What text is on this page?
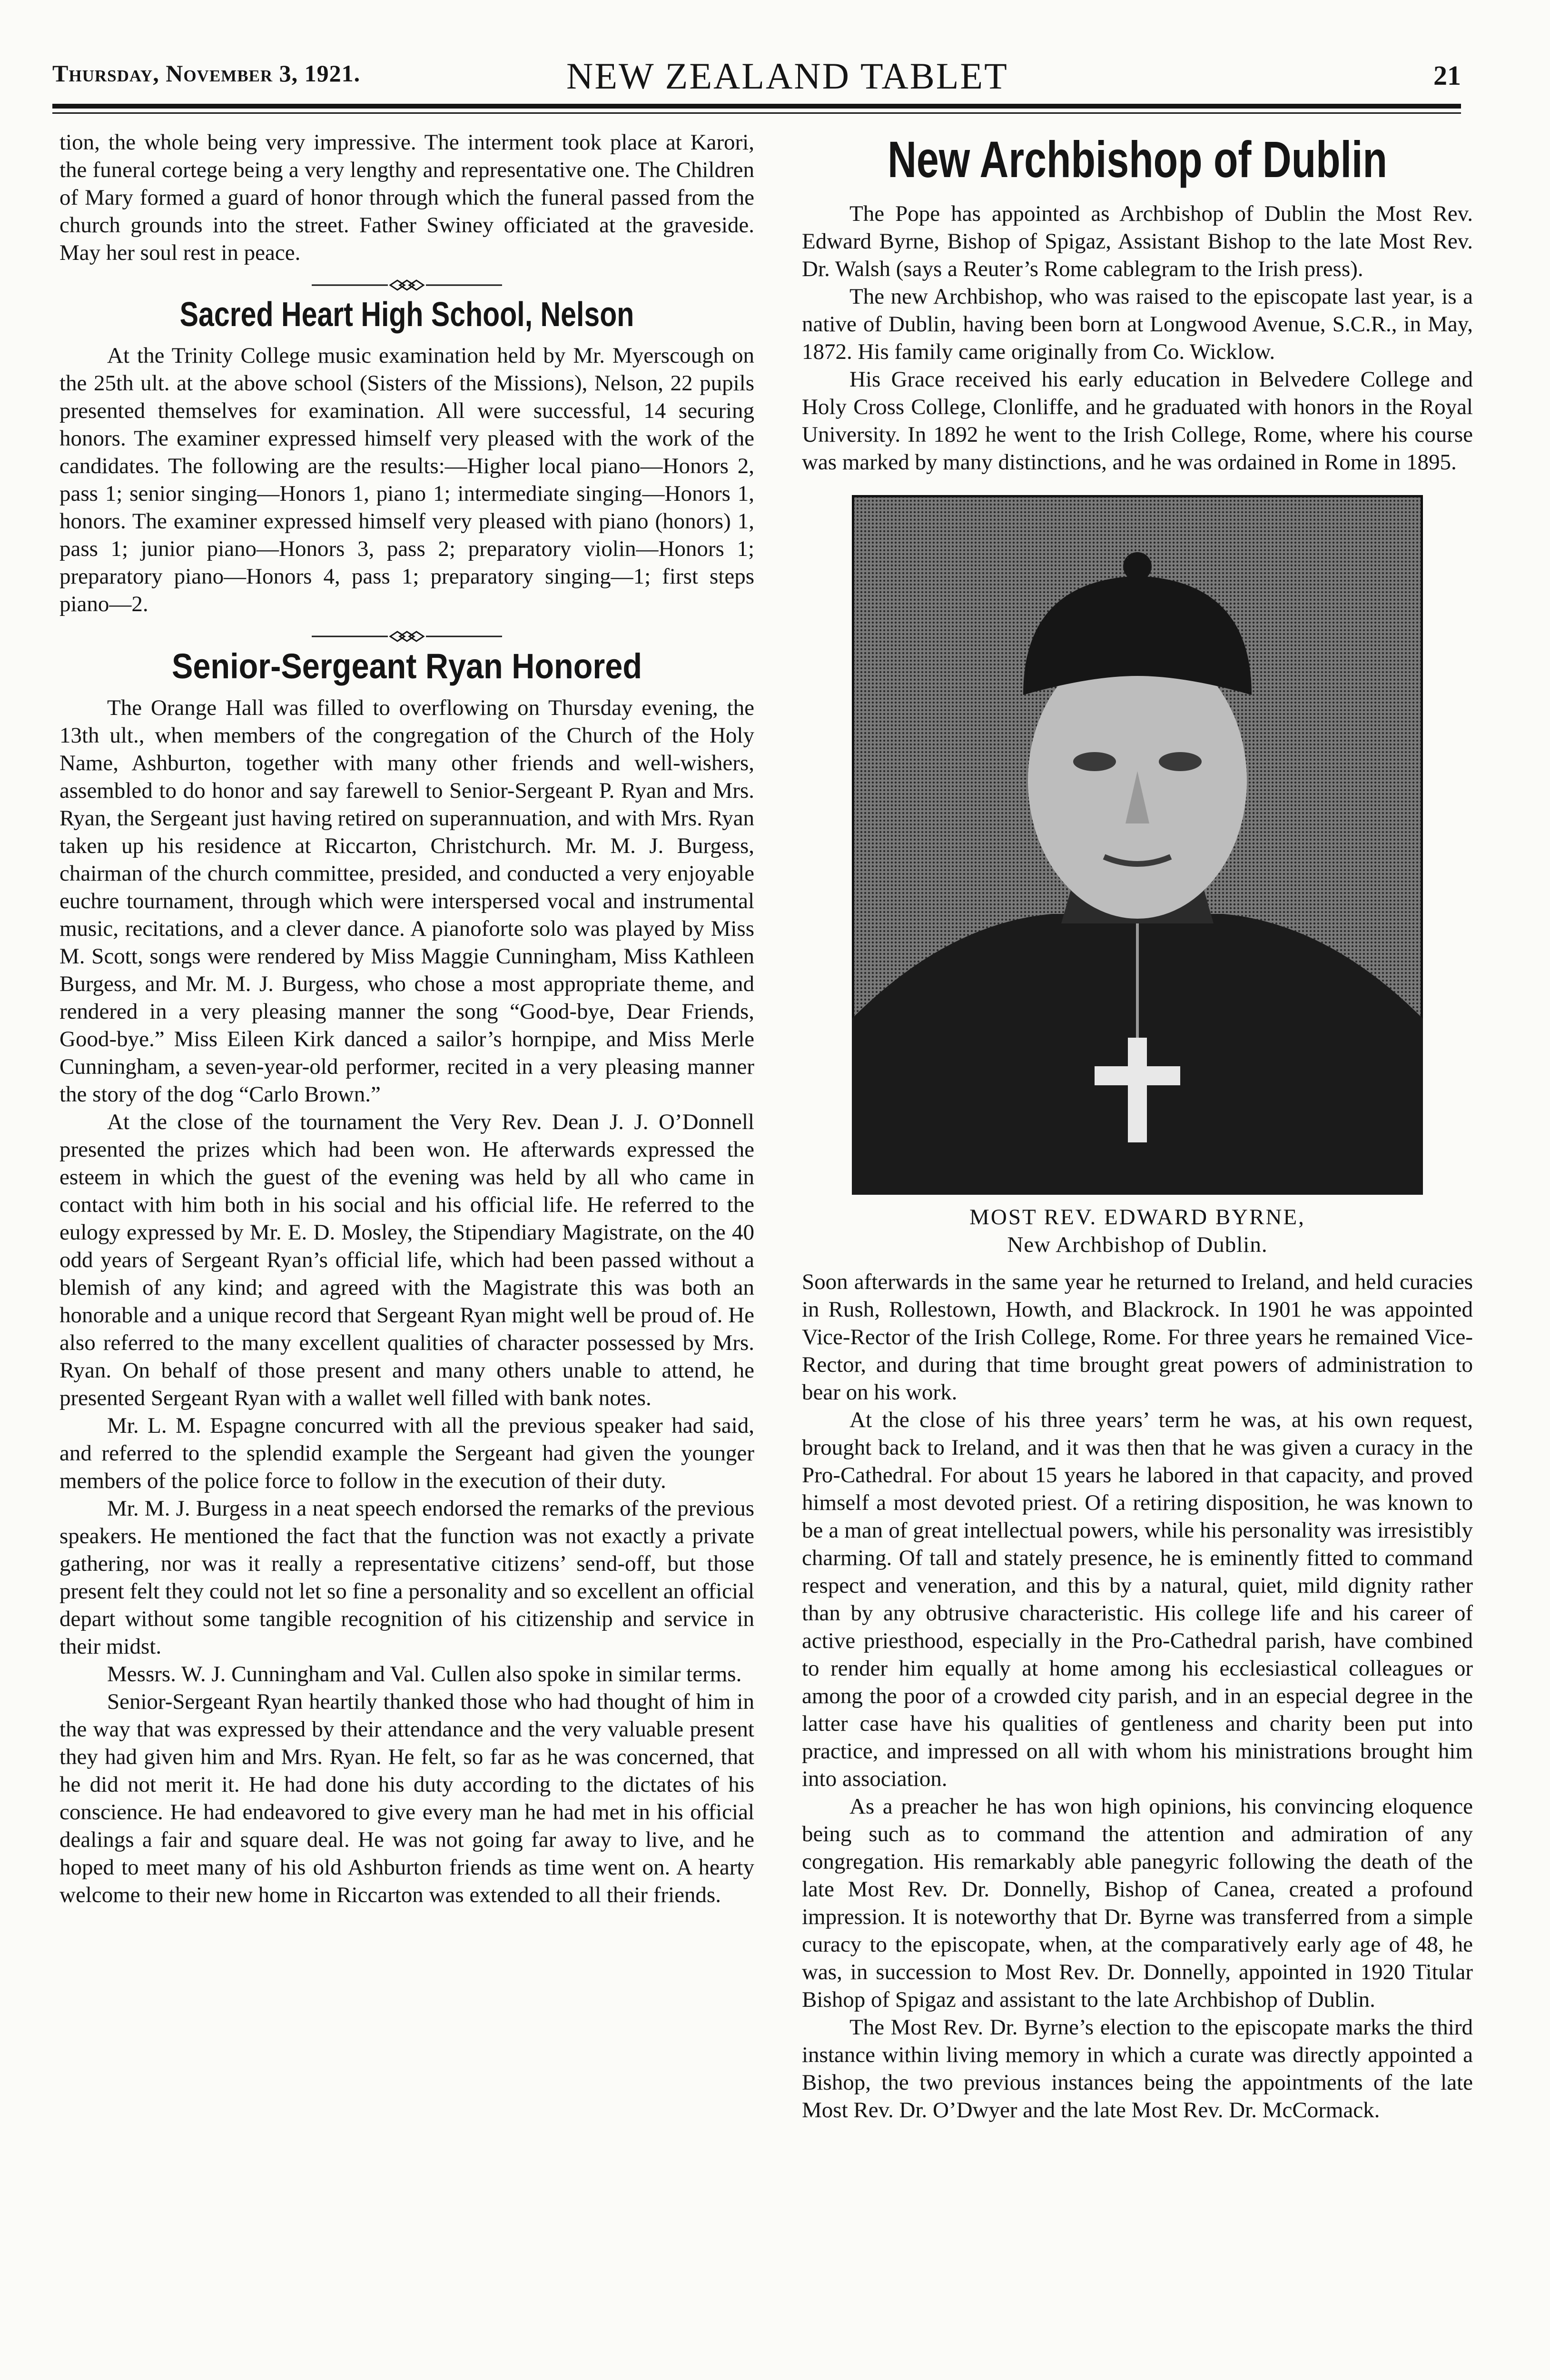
Thursday, November 3, 1921.	NEW ZEALAND TABLET	21

tion, the whole being very impressive. The interment took place at Karori, the funeral cortege being a very lengthy and representative one. The Children of Mary formed a guard of honor through which the funeral passed from the church grounds into the street. Father Swiney officiated at the graveside. May her soul rest in peace.

Sacred Heart High School, Nelson

At the Trinity College music examination held by Mr. Myerscough on the 25th ult. at the above school (Sisters of the Missions), Nelson, 22 pupils presented themselves for examination. All were successful, 14 securing honors. The examiner expressed himself very pleased with the work of the candidates. The following are the results:—Higher local piano—Honors 2, pass 1; senior singing—Honors 1, piano 1; intermediate singing—Honors 1, honors. The examiner expressed himself very pleased with piano (honors) 1, pass 1; junior piano—Honors 3, pass 2; preparatory violin—Honors 1; preparatory piano—Honors 4, pass 1; preparatory singing—1; first steps piano—2.

Senior-Sergeant Ryan Honored

The Orange Hall was filled to overflowing on Thursday evening, the 13th ult., when members of the congregation of the Church of the Holy Name, Ashburton, together with many other friends and well-wishers, assembled to do honor and say farewell to Senior-Sergeant P. Ryan and Mrs. Ryan, the Sergeant just having retired on superannuation, and with Mrs. Ryan taken up his residence at Riccarton, Christchurch. Mr. M. J. Burgess, chairman of the church committee, presided, and conducted a very enjoyable euchre tournament, through which were interspersed vocal and instrumental music, recitations, and a clever dance. A pianoforte solo was played by Miss M. Scott, songs were rendered by Miss Maggie Cunningham, Miss Kathleen Burgess, and Mr. M. J. Burgess, who chose a most appropriate theme, and rendered in a very pleasing manner the song “Good-bye, Dear Friends, Good-bye.” Miss Eileen Kirk danced a sailor’s hornpipe, and Miss Merle Cunningham, a seven-year-old performer, recited in a very pleasing manner the story of the dog “Carlo Brown.”

At the close of the tournament the Very Rev. Dean J. J. O’Donnell presented the prizes which had been won. He afterwards expressed the esteem in which the guest of the evening was held by all who came in contact with him both in his social and his official life. He referred to the eulogy expressed by Mr. E. D. Mosley, the Stipendiary Magistrate, on the 40 odd years of Sergeant Ryan’s official life, which had been passed without a blemish of any kind; and agreed with the Magistrate this was both an honorable and a unique record that Sergeant Ryan might well be proud of. He also referred to the many excellent qualities of character possessed by Mrs. Ryan. On behalf of those present and many others unable to attend, he presented Sergeant Ryan with a wallet well filled with bank notes.

Mr. L. M. Espagne concurred with all the previous speaker had said, and referred to the splendid example the Sergeant had given the younger members of the police force to follow in the execution of their duty.

Mr. M. J. Burgess in a neat speech endorsed the remarks of the previous speakers. He mentioned the fact that the function was not exactly a private gathering, nor was it really a representative citizens’ send-off, but those present felt they could not let so fine a personality and so excellent an official depart without some tangible recognition of his citizenship and service in their midst.

Messrs. W. J. Cunningham and Val. Cullen also spoke in similar terms.

Senior-Sergeant Ryan heartily thanked those who had thought of him in the way that was expressed by their attendance and the very valuable present they had given him and Mrs. Ryan. He felt, so far as he was concerned, that he did not merit it. He had done his duty according to the dictates of his conscience. He had endeavored to give every man he had met in his official dealings a fair and square deal. He was not going far away to live, and he hoped to meet many of his old Ashburton friends as time went on. A hearty welcome to their new home in Riccarton was extended to all their friends.

New Archbishop of Dublin

The Pope has appointed as Archbishop of Dublin the Most Rev. Edward Byrne, Bishop of Spigaz, Assistant Bishop to the late Most Rev. Dr. Walsh (says a Reuter’s Rome cablegram to the Irish press).

The new Archbishop, who was raised to the episcopate last year, is a native of Dublin, having been born at Longwood Avenue, S.C.R., in May, 1872. His family came originally from Co. Wicklow.

His Grace received his early education in Belvedere College and Holy Cross College, Clonliffe, and he graduated with honors in the Royal University. In 1892 he went to the Irish College, Rome, where his course was marked by many distinctions, and he was ordained in Rome in 1895.

MOST REV. EDWARD BYRNE,
New Archbishop of Dublin.

Soon afterwards in the same year he returned to Ireland, and held curacies in Rush, Rollestown, Howth, and Blackrock. In 1901 he was appointed Vice-Rector of the Irish College, Rome. For three years he remained Vice-Rector, and during that time brought great powers of administration to bear on his work.

At the close of his three years’ term he was, at his own request, brought back to Ireland, and it was then that he was given a curacy in the Pro-Cathedral. For about 15 years he labored in that capacity, and proved himself a most devoted priest. Of a retiring disposition, he was known to be a man of great intellectual powers, while his personality was irresistibly charming. Of tall and stately presence, he is eminently fitted to command respect and veneration, and this by a natural, quiet, mild dignity rather than by any obtrusive characteristic. His college life and his career of active priesthood, especially in the Pro-Cathedral parish, have combined to render him equally at home among his ecclesiastical colleagues or among the poor of a crowded city parish, and in an especial degree in the latter case have his qualities of gentleness and charity been put into practice, and impressed on all with whom his ministrations brought him into association.

As a preacher he has won high opinions, his convincing eloquence being such as to command the attention and admiration of any congregation. His remarkably able panegyric following the death of the late Most Rev. Dr. Donnelly, Bishop of Canea, created a profound impression. It is noteworthy that Dr. Byrne was transferred from a simple curacy to the episcopate, when, at the comparatively early age of 48, he was, in succession to Most Rev. Dr. Donnelly, appointed in 1920 Titular Bishop of Spigaz and assistant to the late Archbishop of Dublin.

The Most Rev. Dr. Byrne’s election to the episcopate marks the third instance within living memory in which a curate was directly appointed a Bishop, the two previous instances being the appointments of the late Most Rev. Dr. O’Dwyer and the late Most Rev. Dr. McCormack.
